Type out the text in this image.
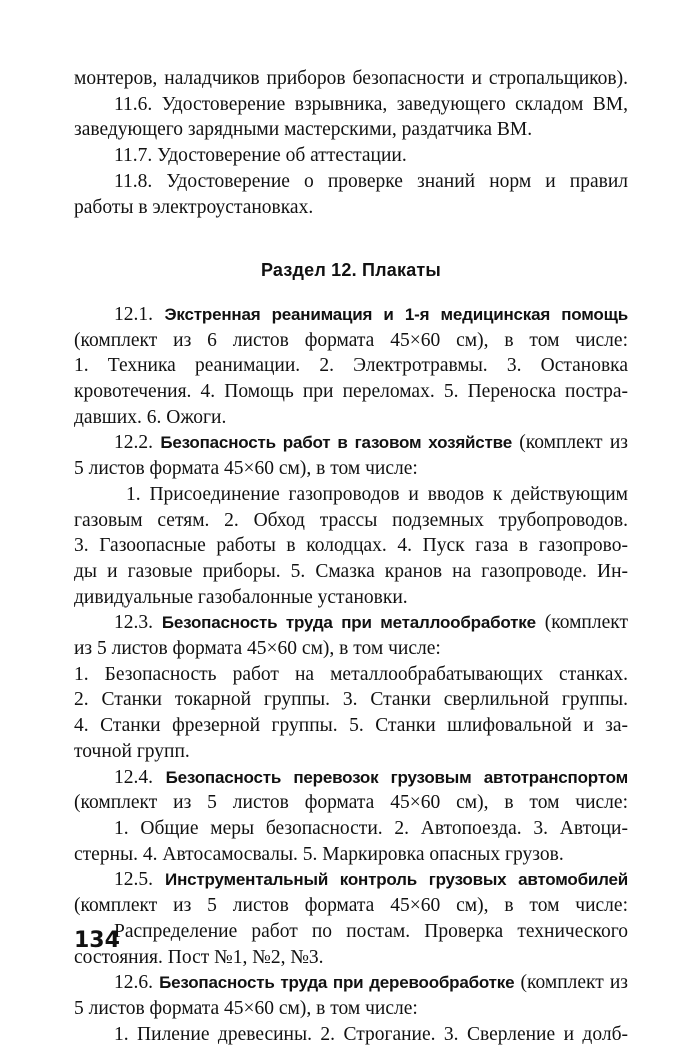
монтеров, наладчиков приборов безопасности и стропальщиков).
11.6. Удостоверение взрывника, заведующего складом ВМ,
заведующего зарядными мастерскими, раздатчика ВМ.
11.7. Удостоверение об аттестации.
11.8. Удостоверение о проверке знаний норм и правил
работы в электроустановках.
Раздел 12. Плакаты
12.1. Экстренная реанимация и 1-я медицинская помощь
(комплект из 6 листов формата 45×60 см), в том числе:
1. Техника реанимации. 2. Электротравмы. 3. Остановка
кровотечения. 4. Помощь при переломах. 5. Переноска постра-
давших. 6. Ожоги.
12.2. Безопасность работ в газовом хозяйстве (комплект из
5 листов формата 45×60 см), в том числе:
1. Присоединение газопроводов и вводов к действующим
газовым сетям. 2. Обход трассы подземных трубопроводов.
3. Газоопасные работы в колодцах. 4. Пуск газа в газопрово-
ды и газовые приборы. 5. Смазка кранов на газопроводе. Ин-
дивидуальные газобалонные установки.
12.3. Безопасность труда при металлообработке (комплект
из 5 листов формата 45×60 см), в том числе:
1. Безопасность работ на металлообрабатывающих станках.
2. Станки токарной группы. 3. Станки сверлильной группы.
4. Станки фрезерной группы. 5. Станки шлифовальной и за-
точной групп.
12.4. Безопасность перевозок грузовым автотранспортом
(комплект из 5 листов формата 45×60 см), в том числе:
1. Общие меры безопасности. 2. Автопоезда. 3. Автоци-
стерны. 4. Автосамосвалы. 5. Маркировка опасных грузов.
12.5. Инструментальный контроль грузовых автомобилей
(комплект из 5 листов формата 45×60 см), в том числе:
Распределение работ по постам. Проверка технического
состояния. Пост №1, №2, №3.
12.6. Безопасность труда при деревообработке (комплект из
5 листов формата 45×60 см), в том числе:
1. Пиление древесины. 2. Строгание. 3. Сверление и долб-
134
